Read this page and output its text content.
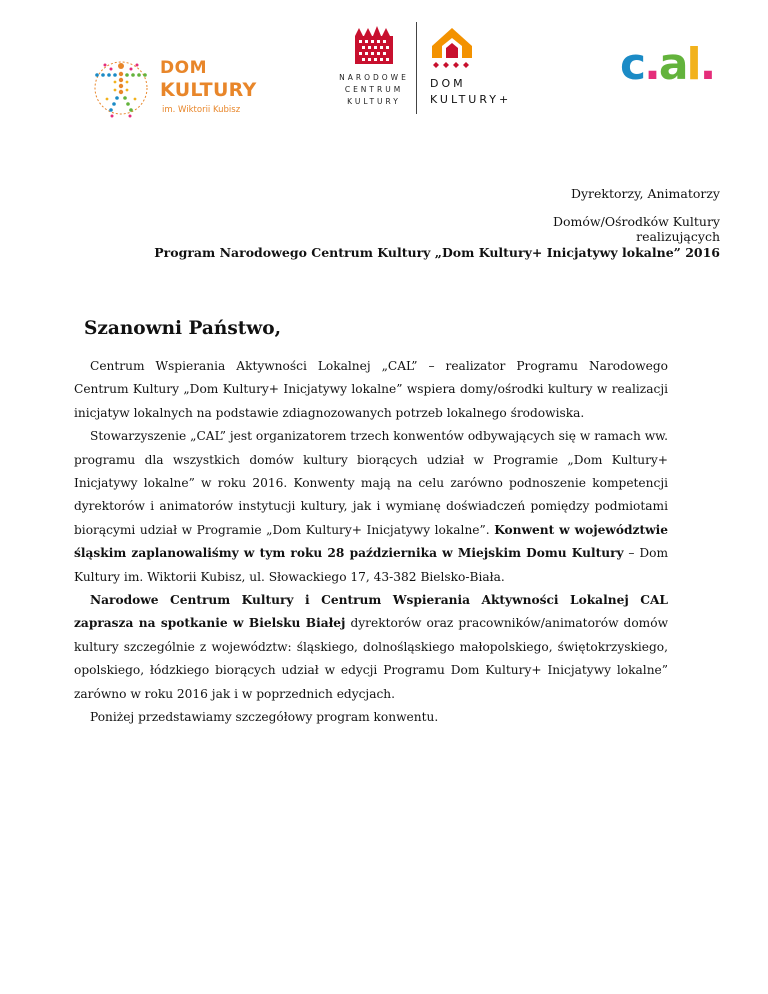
DOM
KULTURY
im. Wiktorii Kubisz
NARODOWE
CENTRUM
KULTURY
DOM
KULTURY+
c.al.
Dyrektorzy, Animatorzy
Domów/Ośrodków Kultury
realizujących
Program Narodowego Centrum Kultury „Dom Kultury+ Inicjatywy lokalne” 2016
Szanowni Państwo,

Centrum Wspierania Aktywności Lokalnej „CAL” – realizator Programu Narodowego Centrum Kultury „Dom Kultury+ Inicjatywy lokalne” wspiera domy/ośrodki kultury w realizacji inicjatyw lokalnych na podstawie zdiagnozowanych potrzeb lokalnego środowiska.

Stowarzyszenie „CAL” jest organizatorem trzech konwentów odbywających się w ramach ww. programu dla wszystkich domów kultury biorących udział w Programie „Dom Kultury+ Inicjatywy lokalne” w roku 2016. Konwenty mają na celu zarówno podnoszenie kompetencji dyrektorów i animatorów instytucji kultury, jak i wymianę doświadczeń pomiędzy podmiotami biorącymi udział w Programie „Dom Kultury+ Inicjatywy lokalne”. Konwent w województwie śląskim zaplanowaliśmy w tym roku 28 października w Miejskim Domu Kultury – Dom Kultury im. Wiktorii Kubisz, ul. Słowackiego 17, 43-382 Bielsko-Biała.

Narodowe Centrum Kultury i Centrum Wspierania Aktywności Lokalnej CAL zaprasza na spotkanie w Bielsku Białej dyrektorów oraz pracowników/animatorów domów kultury szczególnie z województw: śląskiego, dolnośląskiego małopolskiego, świętokrzyskiego, opolskiego, łódzkiego biorących udział w edycji Programu Dom Kultury+ Inicjatywy lokalne” zarówno w roku 2016 jak i w poprzednich edycjach.

Poniżej przedstawiamy szczegółowy program konwentu.
